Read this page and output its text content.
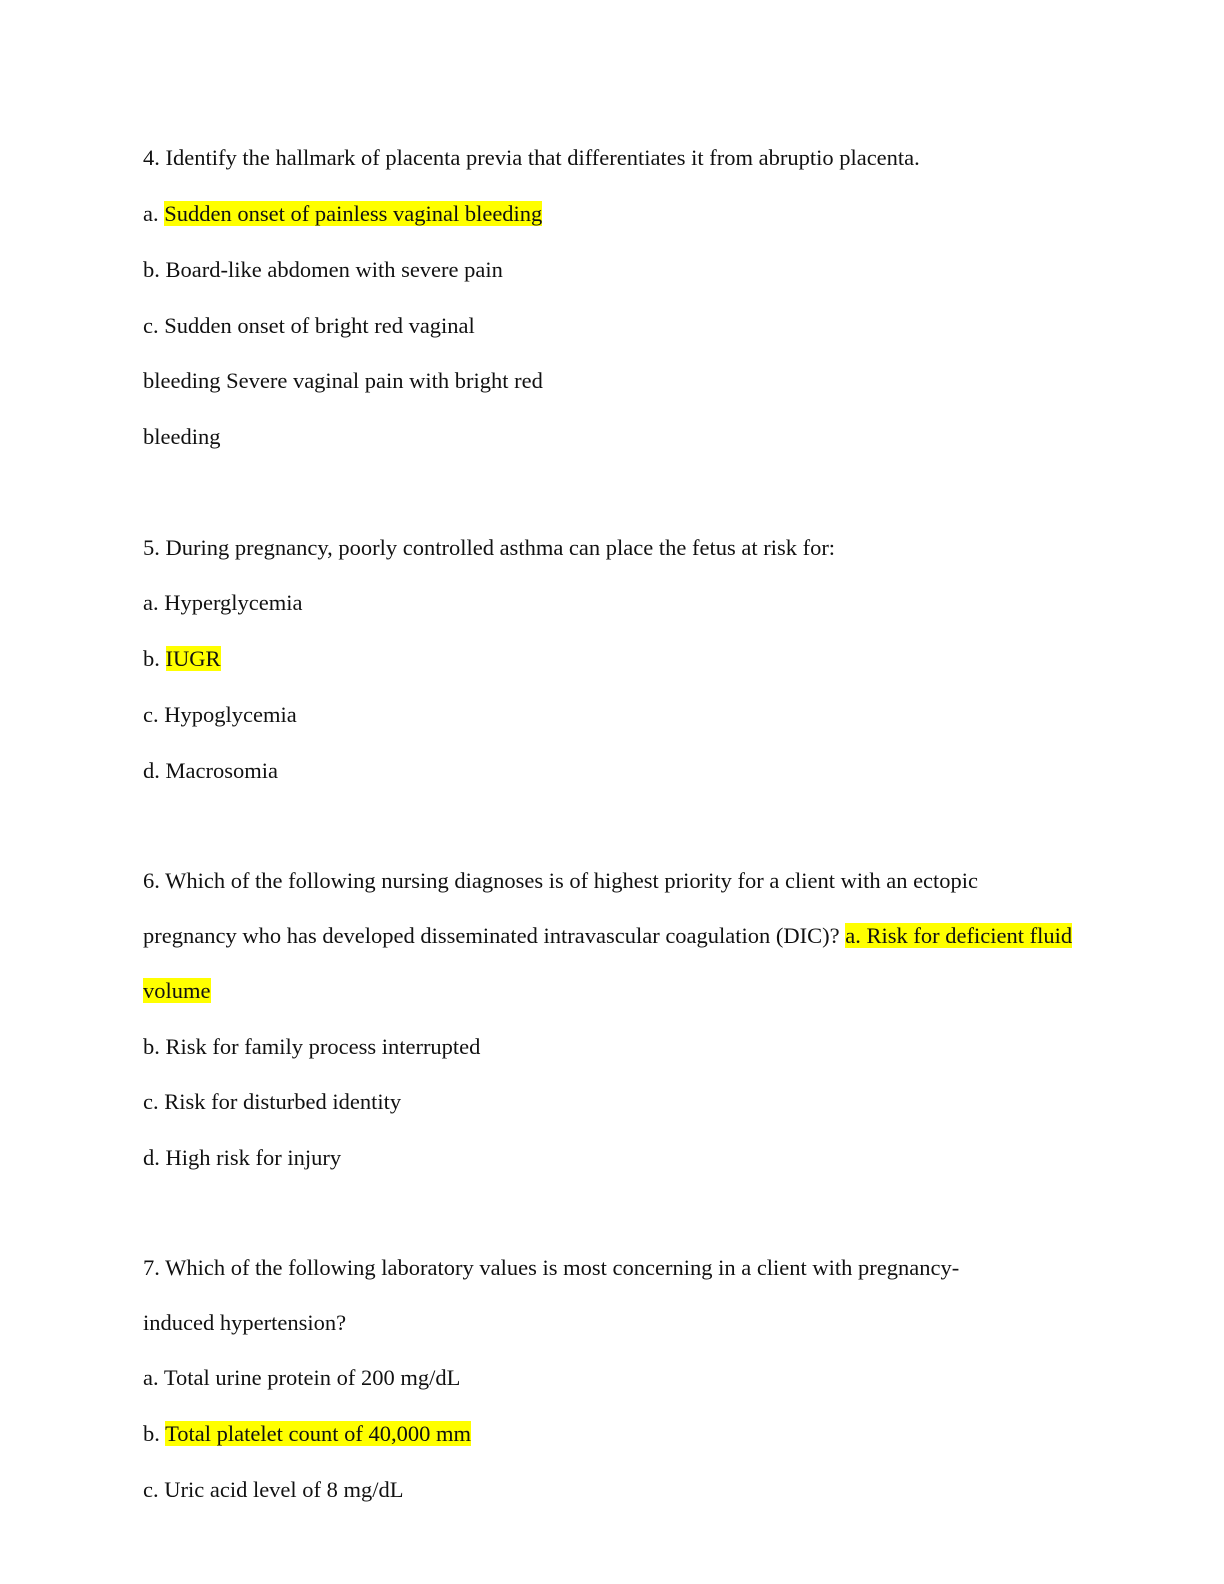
4. Identify the hallmark of placenta previa that differentiates it from abruptio placenta.

a. Sudden onset of painless vaginal bleeding

b. Board-like abdomen with severe pain

c. Sudden onset of bright red vaginal

bleeding Severe vaginal pain with bright red

bleeding

5. During pregnancy, poorly controlled asthma can place the fetus at risk for:

a. Hyperglycemia

b. IUGR

c. Hypoglycemia

d. Macrosomia

6. Which of the following nursing diagnoses is of highest priority for a client with an ectopic

pregnancy who has developed disseminated intravascular coagulation (DIC)? a. Risk for deficient fluid

volume

b. Risk for family process interrupted

c. Risk for disturbed identity

d. High risk for injury

7. Which of the following laboratory values is most concerning in a client with pregnancy-

induced hypertension?

a. Total urine protein of 200 mg/dL

b. Total platelet count of 40,000 mm

c. Uric acid level of 8 mg/dL
